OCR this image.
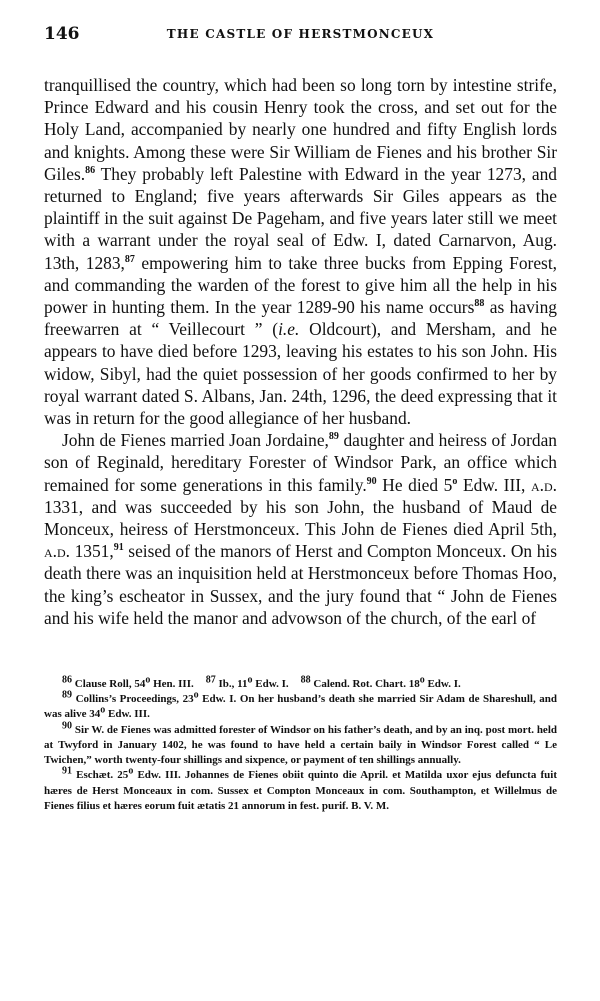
146	THE CASTLE OF HERSTMONCEUX

tranquillised the country, which had been so long torn by intestine strife, Prince Edward and his cousin Henry took the cross, and set out for the Holy Land, accompanied by nearly one hundred and fifty English lords and knights. Among these were Sir William de Fienes and his brother Sir Giles.$^{86}$ They probably left Palestine with Edward in the year 1273, and returned to England; five years afterwards Sir Giles appears as the plaintiff in the suit against De Pageham, and five years later still we meet with a warrant under the royal seal of Edw. I, dated Carnarvon, Aug. 13th, 1283,87 empowering him to take three bucks from Epping Forest, and commanding the warden of the forest to give him all the help in his power in hunting them. In the year 1289-90 his name occurs$^{88}$ as having freewarren at “ Veillecourt ” (i.e. Oldcourt), and Mersham, and he appears to have died before 1293, leaving his estates to his son John. His widow, Sibyl, had the quiet possession of her goods confirmed to her by royal warrant dated S. Albans, Jan. 24th, 1296, the deed expressing that it was in return for the good allegiance of her husband.

John de Fienes married Joan Jordaine,$^{89}$ daughter and heiress of Jordan son of Reginald, hereditary Forester of Windsor Park, an office which remained for some generations in this family.$^{90}$ He died 5$^o$ Edw. III, a.d. 1331, and was succeeded by his son John, the husband of Maud de Monceux, heiress of Herstmonceux. This John de Fienes died April 5th, a.d. 1351,91 seised of the manors of Herst and Compton Monceux. On his death there was an inquisition held at Herstmonceux before Thomas Hoo, the king’s escheator in Sussex, and the jury found that “ John de Fienes and his wife held the manor and advowson of the church, of the earl of

$^{86}$ Clause Roll, 54$^o$ Hen. III. $^{87}$ Ib., 11$^o$ Edw. I. $^{88}$ Calend. Rot. Chart. 18$^o$ Edw. I.

$^{89}$ Collins’s Proceedings, 23$^o$ Edw. I. On her husband’s death she married Sir Adam de Shareshull, and was alive 34$^o$ Edw. III.

$^{90}$ Sir W. de Fienes was admitted forester of Windsor on his father’s death, and by an inq. post mort. held at Twyford in January 1402, he was found to have held a certain baily in Windsor Forest called “ Le Twichen,” worth twenty-four shillings and sixpence, or payment of ten shillings annually.

$^{91}$ Eschæt. 25$^o$ Edw. III. Johannes de Fienes obiit quinto die April. et Matilda uxor ejus defuncta fuit hæres de Herst Monceaux in com. Sussex et Compton Monceaux in com. Southampton, et Willelmus de Fienes filius et hæres eorum fuit ætatis 21 annorum in fest. purif. B. V. M.
